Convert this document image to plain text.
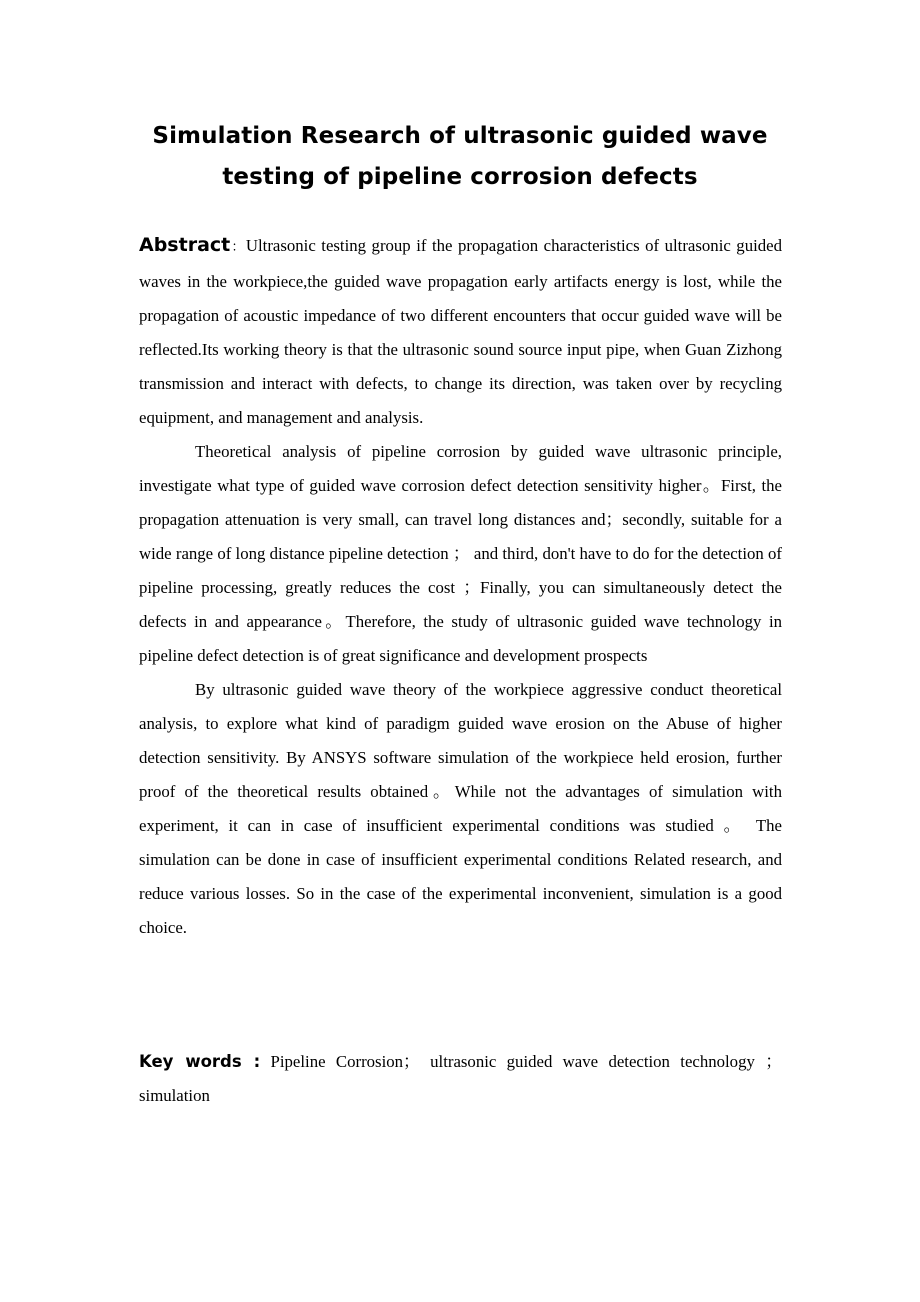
Simulation Research of ultrasonic guided wave
testing of pipeline corrosion defects

Abstract：Ultrasonic testing group if the propagation characteristics of ultrasonic guided waves in the workpiece,the guided wave propagation early artifacts energy is lost, while the propagation of acoustic impedance of two different encounters that occur guided wave will be reflected.Its working theory is that the ultrasonic sound source input pipe, when Guan Zizhong transmission and interact with defects, to change its direction, was taken over by recycling equipment, and management and analysis.

Theoretical analysis of pipeline corrosion by guided wave ultrasonic principle, investigate what type of guided wave corrosion defect detection sensitivity higher。First, the propagation attenuation is very small, can travel long distances and；secondly, suitable for a wide range of long distance pipeline detection ； and third, don't have to do for the detection of pipeline processing, greatly reduces the cost ；Finally, you can simultaneously detect the defects in and appearance。Therefore, the study of ultrasonic guided wave technology in pipeline defect detection is of great significance and development prospects

By ultrasonic guided wave theory of the workpiece aggressive conduct theoretical analysis, to explore what kind of paradigm guided wave erosion on the Abuse of higher detection sensitivity. By ANSYS software simulation of the workpiece held erosion, further proof of the theoretical results obtained。While not the advantages of simulation with experiment, it can in case of insufficient experimental conditions was studied 。 The simulation can be done in case of insufficient experimental conditions Related research, and reduce various losses. So in the case of the experimental inconvenient, simulation is a good choice.

Key words : Pipeline Corrosion； ultrasonic guided wave detection technology ；simulation
